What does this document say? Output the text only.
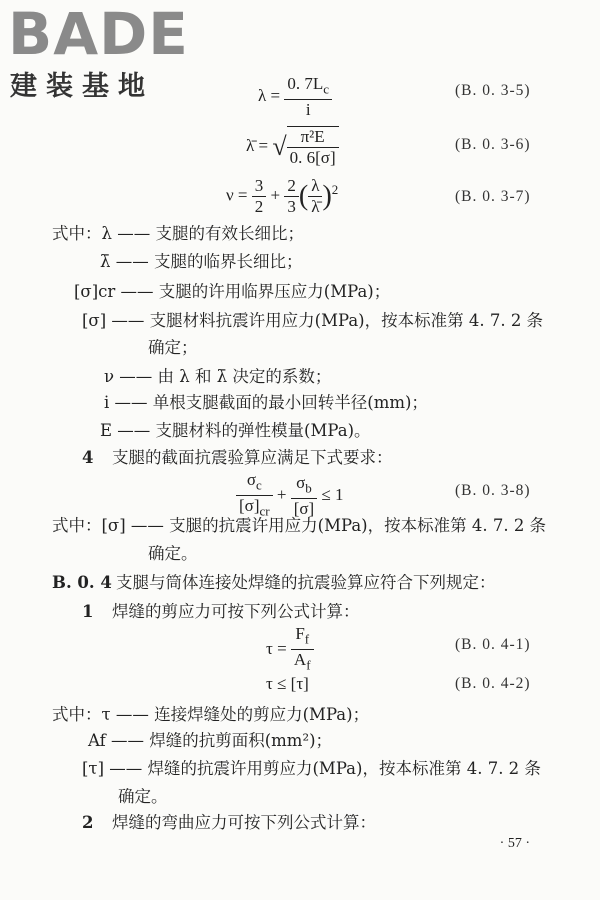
BADE
建装基地	$\lambda = \frac{0. 7L_c}{i}$	(B. 0. 3-5)
λ̄ = √ $\frac{\text{π²E}}{0. 6[\sigma]}$	(B. 0. 3-6)
$\nu = \frac{3}{2} + \frac{2}{3}$ ( $\frac{\lambda}{\lambdā} )^2$	(B. 0. 3-7)
式中：λ —— 支腿的有效长细比；
λ̄ —— 支腿的临界长细比；
[σ]cr —— 支腿的许用临界压应力(MPa)；
[σ] —— 支腿材料抗震许用应力(MPa)，按本标准第 4. 7. 2 条
确定；
ν —— 由 λ 和 λ̄ 决定的系数；
i —— 单根支腿截面的最小回转半径(mm)；
E —— 支腿材料的弹性模量(MPa)。
4 支腿的截面抗震验算应满足下式要求：
$\frac{\sigma_c}{[\sigma]_{cr}} + \frac{\sigma_b}{[\sigma]} \le 1$	(B. 0. 3-8)
式中：[σ] —— 支腿的抗震许用应力(MPa)，按本标准第 4. 7. 2 条
确定。
B. 0. 4 支腿与筒体连接处焊缝的抗震验算应符合下列规定：
1 焊缝的剪应力可按下列公式计算：
$\tau = \frac{F_f}{A_f}$	(B. 0. 4-1)
τ ≤ [τ]	(B. 0. 4-2)
式中：τ —— 连接焊缝处的剪应力(MPa)；
Af —— 焊缝的抗剪面积(mm²)；
[τ] —— 焊缝的抗震许用剪应力(MPa)，按本标准第 4. 7. 2 条
确定。
2 焊缝的弯曲应力可按下列公式计算：
· 57 ·
